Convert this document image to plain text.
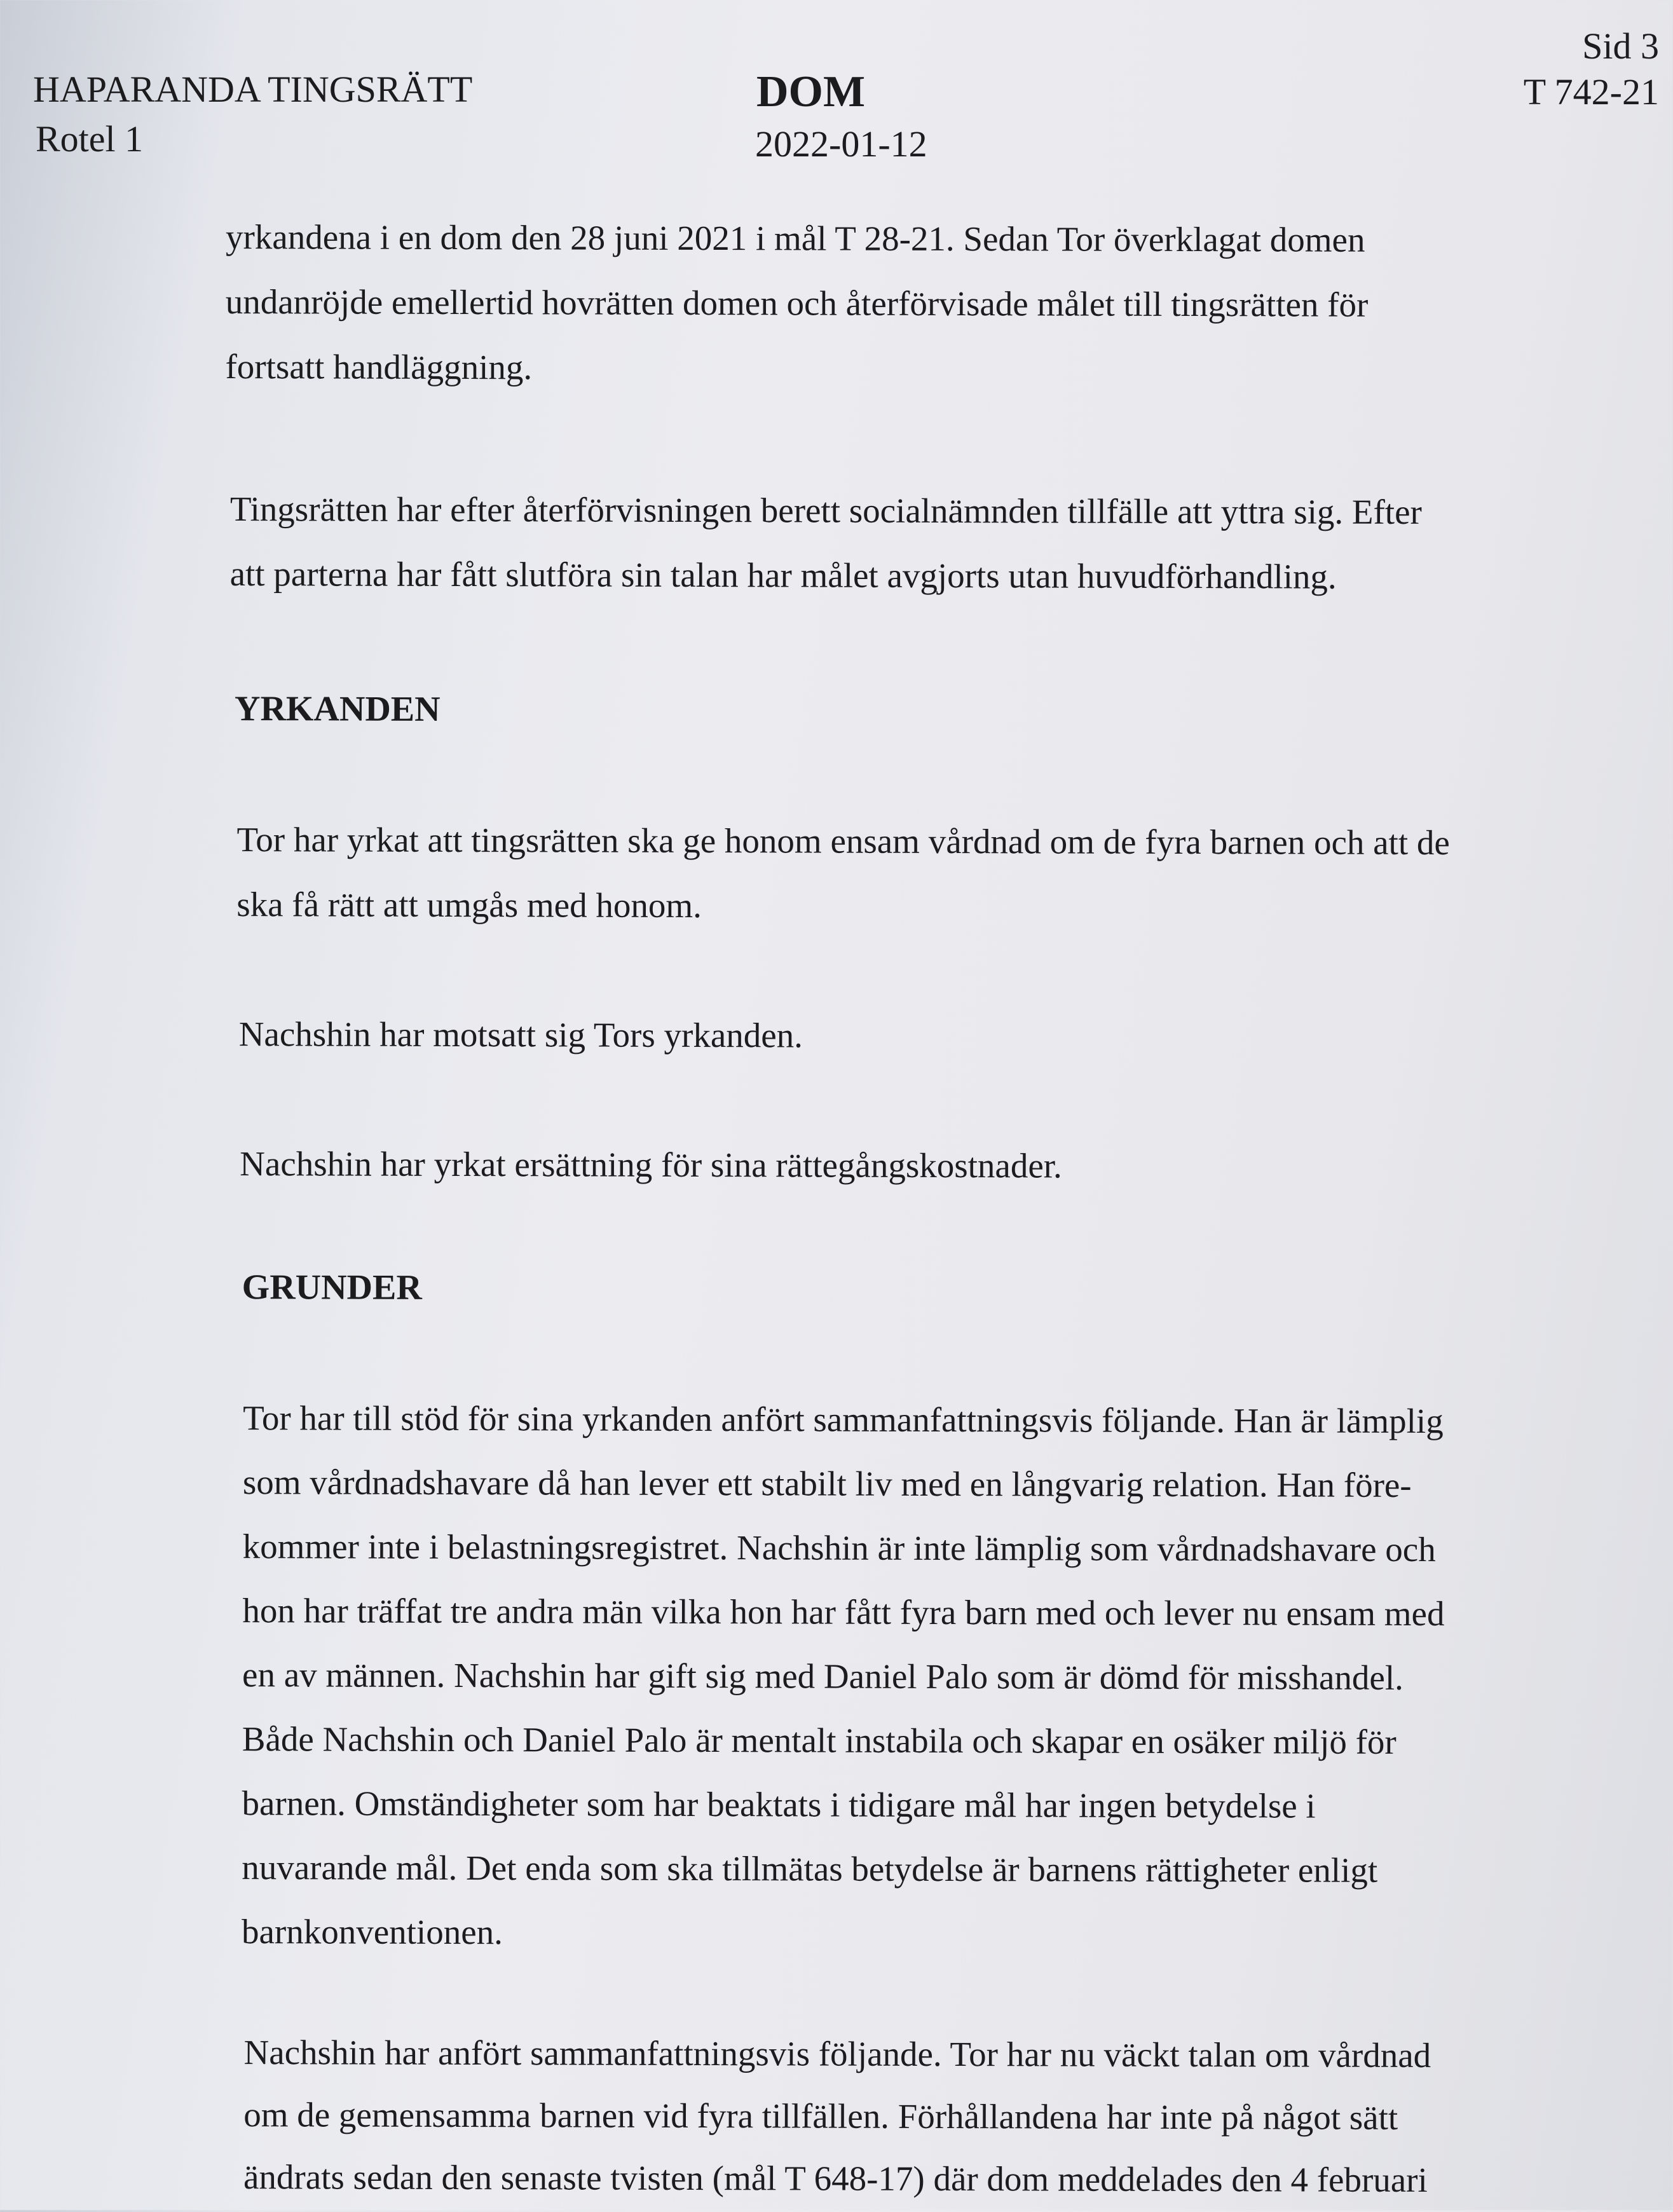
HAPARANDA TINGSRÄTT
Rotel 1
DOM
2022-01-12
Sid 3
T 742-21
yrkandena i en dom den 28 juni 2021 i mål T 28-21. Sedan Tor överklagat domen
undanröjde emellertid hovrätten domen och återförvisade målet till tingsrätten för
fortsatt handläggning.
Tingsrätten har efter återförvisningen berett socialnämnden tillfälle att yttra sig. Efter
att parterna har fått slutföra sin talan har målet avgjorts utan huvudförhandling.
YRKANDEN
Tor har yrkat att tingsrätten ska ge honom ensam vårdnad om de fyra barnen och att de
ska få rätt att umgås med honom.
Nachshin har motsatt sig Tors yrkanden.
Nachshin har yrkat ersättning för sina rättegångskostnader.
GRUNDER
Tor har till stöd för sina yrkanden anfört sammanfattningsvis följande. Han är lämplig
som vårdnadshavare då han lever ett stabilt liv med en långvarig relation. Han före-
kommer inte i belastningsregistret. Nachshin är inte lämplig som vårdnadshavare och
hon har träffat tre andra män vilka hon har fått fyra barn med och lever nu ensam med
en av männen. Nachshin har gift sig med Daniel Palo som är dömd för misshandel.
Både Nachshin och Daniel Palo är mentalt instabila och skapar en osäker miljö för
barnen. Omständigheter som har beaktats i tidigare mål har ingen betydelse i
nuvarande mål. Det enda som ska tillmätas betydelse är barnens rättigheter enligt
barnkonventionen.
Nachshin har anfört sammanfattningsvis följande. Tor har nu väckt talan om vårdnad
om de gemensamma barnen vid fyra tillfällen. Förhållandena har inte på något sätt
ändrats sedan den senaste tvisten (mål T 648-17) där dom meddelades den 4 februari
